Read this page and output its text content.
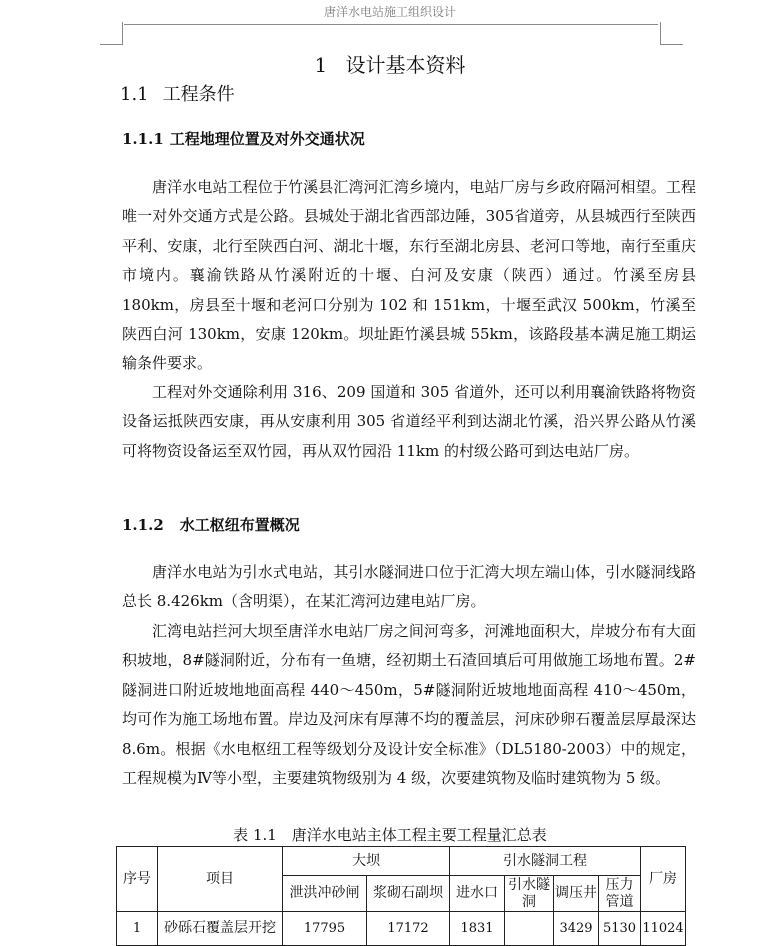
唐洋水电站施工组织设计
1 设计基本资料
1.1 工程条件
1.1.1 工程地理位置及对外交通状况
唐洋水电站工程位于竹溪县汇湾河汇湾乡境内，电站厂房与乡政府隔河相望。工程唯一对外交通方式是公路。县城处于湖北省西部边陲，305省道旁，从县城西行至陕西平利、安康，北行至陕西白河、湖北十堰，东行至湖北房县、老河口等地，南行至重庆市境内。襄渝铁路从竹溪附近的十堰、白河及安康（陕西）通过。竹溪至房县 180km，房县至十堰和老河口分别为 102 和 151km，十堰至武汉 500km，竹溪至陕西白河 130km，安康 120km。坝址距竹溪县城 55km，该路段基本满足施工期运输条件要求。
工程对外交通除利用 316、209 国道和 305 省道外，还可以利用襄渝铁路将物资设备运抵陕西安康，再从安康利用 305 省道经平利到达湖北竹溪，沿兴界公路从竹溪可将物资设备运至双竹园，再从双竹园沿 11km 的村级公路可到达电站厂房。
1.1.2 水工枢纽布置概况
唐洋水电站为引水式电站，其引水隧洞进口位于汇湾大坝左端山体，引水隧洞线路总长 8.426km（含明渠），在某汇湾河边建电站厂房。
汇湾电站拦河大坝至唐洋水电站厂房之间河弯多，河滩地面积大，岸坡分布有大面积坡地，8#隧洞附近，分布有一鱼塘，经初期土石渣回填后可用做施工场地布置。2#隧洞进口附近坡地地面高程 440～450m，5#隧洞附近坡地地面高程 410～450m，均可作为施工场地布置。岸边及河床有厚薄不均的覆盖层，河床砂卵石覆盖层厚最深达 8.6m。根据《水电枢纽工程等级划分及设计安全标准》（DL5180-2003）中的规定，工程规模为Ⅳ等小型，主要建筑物级别为 4 级，次要建筑物及临时建筑物为 5 级。
表 1.1　唐洋水电站主体工程主要工程量汇总表
序号	项目	大坝		引水隧洞工程				厂房
		泄洪冲砂闸	浆砌石副坝	进水口	引水隧洞	调压井	压力管道	
1	砂砾石覆盖层开挖	17795	17172	1831		3429	5130	11024
